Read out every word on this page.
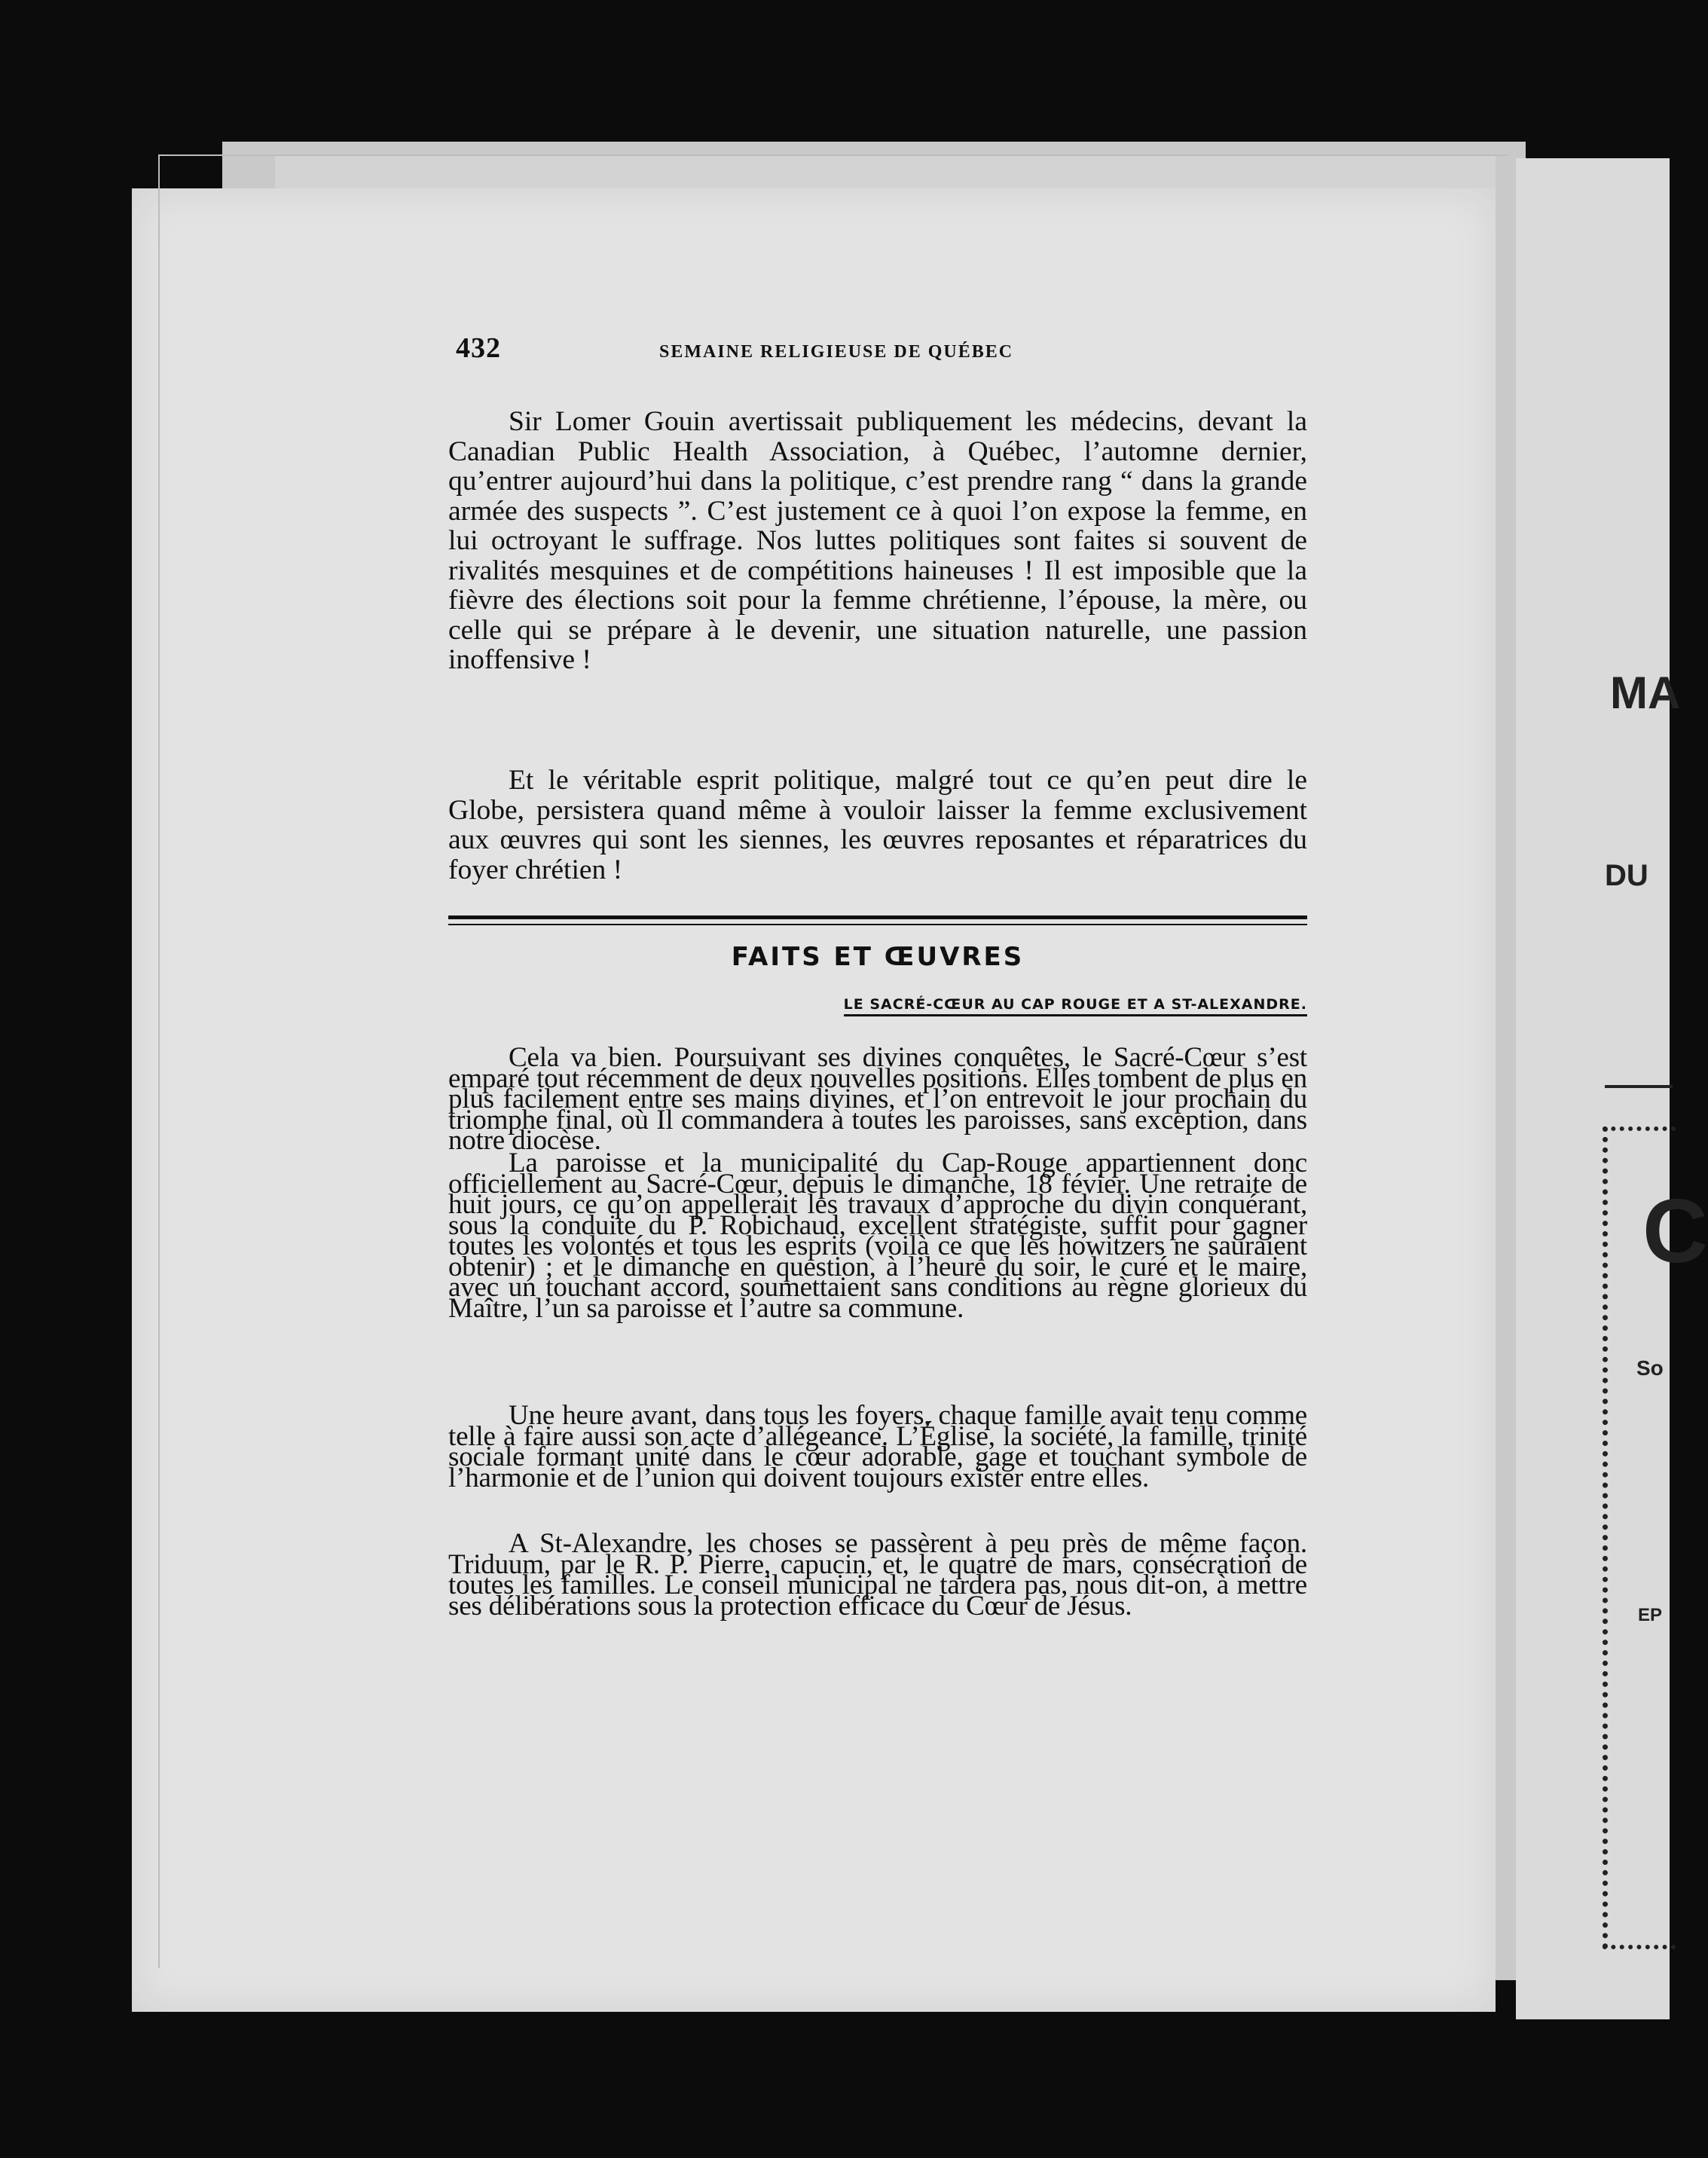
432	SEMAINE RELIGIEUSE DE QUÉBEC

Sir Lomer Gouin avertissait publiquement les médecins, devant la Canadian Public Health Association, à Québec, l’automne dernier, qu’entrer aujourd’hui dans la politique, c’est prendre rang “ dans la grande armée des suspects ”. C’est justement ce à quoi l’on expose la femme, en lui octroyant le suffrage. Nos luttes politiques sont faites si souvent de rivalités mesquines et de compétitions haineuses ! Il est imposible que la fièvre des élections soit pour la femme chrétienne, l’épouse, la mère, ou celle qui se prépare à le devenir, une situation naturelle, une passion inoffensive !

Et le véritable esprit politique, malgré tout ce qu’en peut dire le Globe, persistera quand même à vouloir laisser la femme exclusivement aux œuvres qui sont les siennes, les œuvres reposantes et réparatrices du foyer chrétien !

FAITS ET ŒUVRES
LE SACRÉ-CŒUR AU CAP ROUGE ET A ST-ALEXANDRE.

Cela va bien. Poursuivant ses divines conquêtes, le Sacré-Cœur s’est emparé tout récemment de deux nouvelles positions. Elles tombent de plus en plus facilement entre ses mains divines, et l’on entrevoit le jour prochain du triomphe final, où Il commandera à toutes les paroisses, sans exception, dans notre diocèse.

La paroisse et la municipalité du Cap-Rouge appartiennent donc officiellement au Sacré-Cœur, depuis le dimanche, 18 févier. Une retraite de huit jours, ce qu’on appellerait les travaux d’approche du divin conquérant, sous la conduite du P. Robichaud, excellent stratégiste, suffit pour gagner toutes les volontés et tous les esprits (voilà ce que les howitzers ne sauraient obtenir) ; et le dimanche en question, à l’heure du soir, le curé et le maire, avec un touchant accord, soumettaient sans conditions au règne glorieux du Maître, l’un sa paroisse et l’autre sa commune.

Une heure avant, dans tous les foyers, chaque famille avait tenu comme telle à faire aussi son acte d’allégeance. L’Église, la société, la famille, trinité sociale formant unité dans le cœur adorable, gage et touchant symbole de l’harmonie et de l’union qui doivent toujours exister entre elles.

A St-Alexandre, les choses se passèrent à peu près de même façon. Triduum, par le R. P. Pierre, capucin, et, le quatre de mars, consécration de toutes les familles. Le conseil municipal ne tardera pas, nous dit-on, à mettre ses délibérations sous la protection efficace du Cœur de Jésus.

MA
DU
C
So
EP
